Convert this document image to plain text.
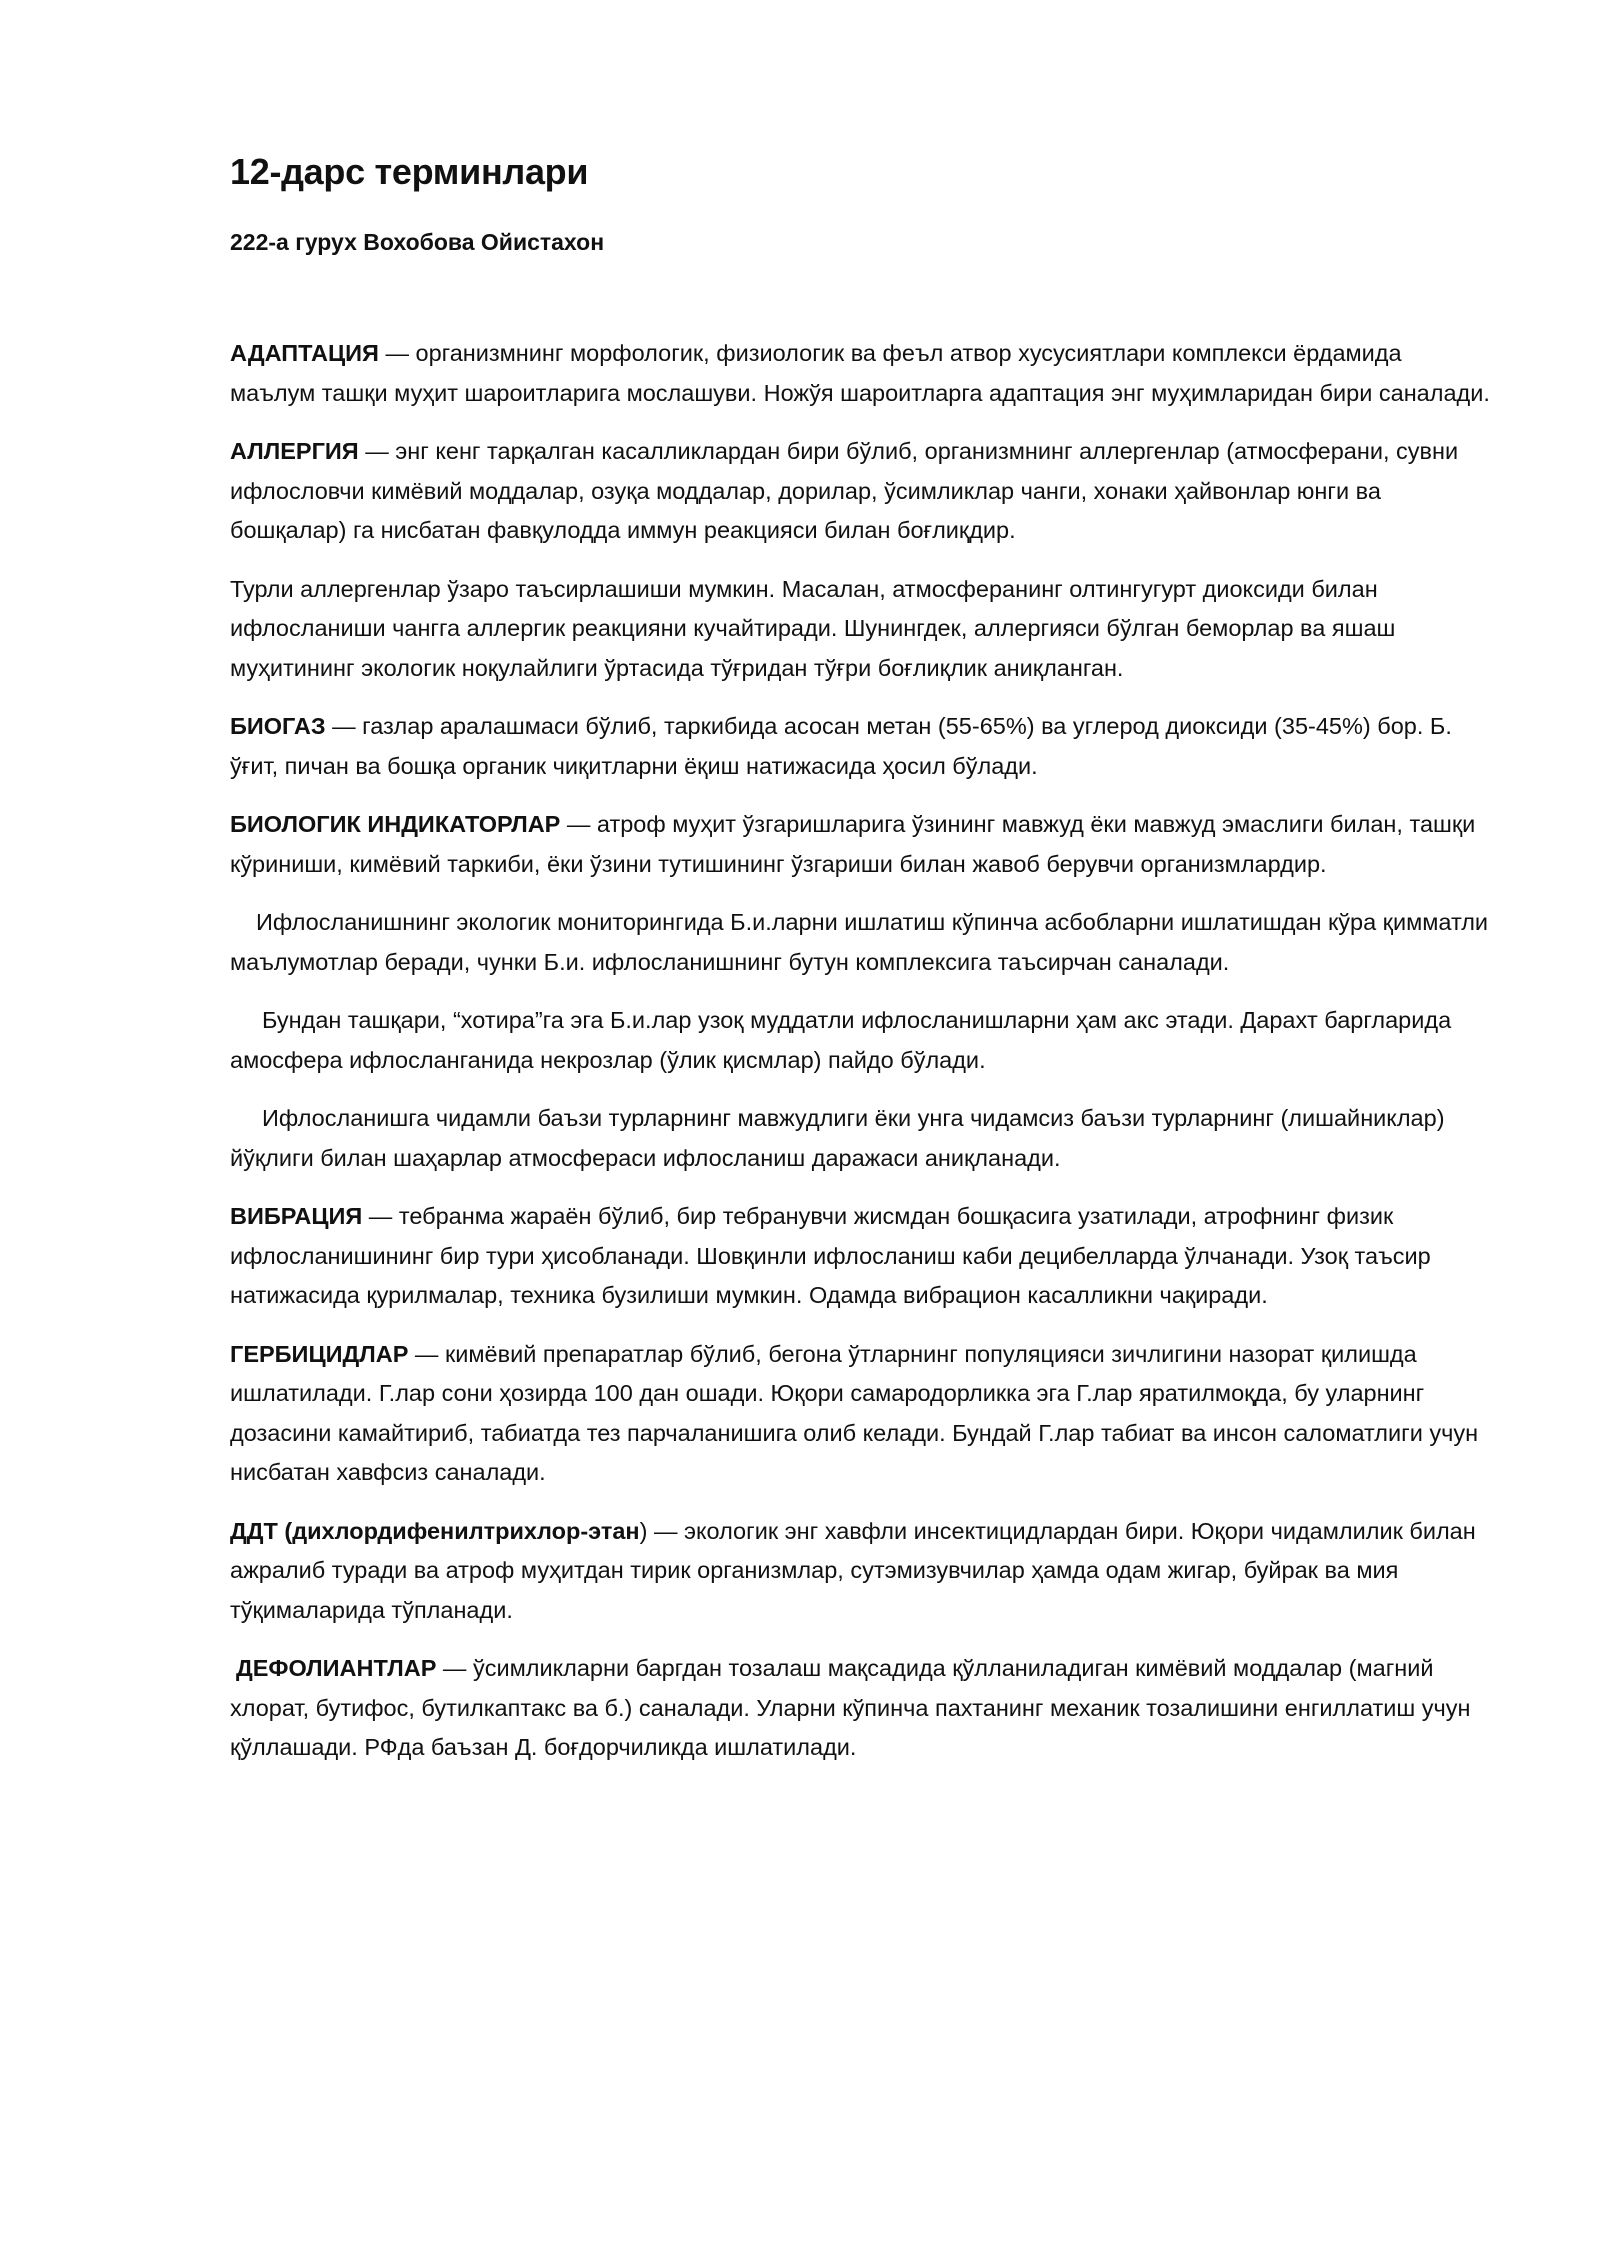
12-дарс терминлари
222-а гурух Вохобова Ойистахон

АДАПТАЦИЯ — организмнинг морфологик, физиологик ва феъл атвор хусусиятлари комплекси ёрдамида маълум ташқи муҳит шароитларига мослашуви. Ножўя шароитларга адаптация энг муҳимларидан бири саналади.

АЛЛЕРГИЯ — энг кенг тарқалган касалликлардан бири бўлиб, организмнинг аллергенлар (атмосферани, сувни ифлословчи кимёвий моддалар, озуқа моддалар, дорилар, ўсимликлар чанги, хонаки ҳайвонлар юнги ва бошқалар) га нисбатан фавқулодда иммун реакцияси билан боғлиқдир.

Турли аллергенлар ўзаро таъсирлашиши мумкин. Масалан, атмосферанинг олтингугурт диоксиди билан ифлосланиши чангга аллергик реакцияни кучайтиради. Шунингдек, аллергияси бўлган беморлар ва яшаш муҳитининг экологик ноқулайлиги ўртасида тўғридан тўғри боғлиқлик аниқланган.

БИОГАЗ — газлар аралашмаси бўлиб, таркибида асосан метан (55-65%) ва углерод диоксиди (35-45%) бор. Б. ўғит, пичан ва бошқа органик чиқитларни ёқиш натижасида ҳосил бўлади.

БИОЛОГИК ИНДИКАТОРЛАР — атроф муҳит ўзгаришларига ўзининг мавжуд ёки мавжуд эмаслиги билан, ташқи кўриниши, кимёвий таркиби, ёки ўзини тутишининг ўзгариши билан жавоб берувчи организмлардир.

Ифлосланишнинг экологик мониторингида Б.и.ларни ишлатиш кўпинча асбобларни ишлатишдан кўра қимматли маълумотлар беради, чунки Б.и. ифлосланишнинг бутун комплексига таъсирчан саналади.

Бундан ташқари, “хотира”га эга Б.и.лар узоқ муддатли ифлосланишларни ҳам акс этади. Дарахт баргларида амосфера ифлосланганида некрозлар (ўлик қисмлар) пайдо бўлади.

Ифлосланишга чидамли баъзи турларнинг мавжудлиги ёки унга чидамсиз баъзи турларнинг (лишайниклар) йўқлиги билан шаҳарлар атмосфераси ифлосланиш даражаси аниқланади.

ВИБРАЦИЯ — тебранма жараён бўлиб, бир тебранувчи жисмдан бошқасига узатилади, атрофнинг физик ифлосланишининг бир тури ҳисобланади. Шовқинли ифлосланиш каби децибелларда ўлчанади. Узоқ таъсир натижасида қурилмалар, техника бузилиши мумкин. Одамда вибрацион касалликни чақиради.

ГЕРБИЦИДЛАР — кимёвий препаратлар бўлиб, бегона ўтларнинг популяцияси зичлигини назорат қилишда ишлатилади. Г.лар сони ҳозирда 100 дан ошади. Юқори самародорликка эга Г.лар яратилмоқда, бу уларнинг дозасини камайтириб, табиатда тез парчаланишига олиб келади. Бундай Г.лар табиат ва инсон саломатлиги учун нисбатан хавфсиз саналади.

ДДТ (дихлордифенилтрихлор-этан) — экологик энг хавфли инсектицидлардан бири. Юқори чидамлилик билан ажралиб туради ва атроф муҳитдан тирик организмлар, сутэмизувчилар ҳамда одам жигар, буйрак ва мия тўқималарида тўпланади.

ДЕФОЛИАНТЛАР — ўсимликларни баргдан тозалаш мақсадида қўлланиладиган кимёвий моддалар (магний хлорат, бутифос, бутилкаптакс ва б.) саналади. Уларни кўпинча пахтанинг механик тозалишини енгиллатиш учун қўллашади. РФда баъзан Д. боғдорчиликда ишлатилади.
